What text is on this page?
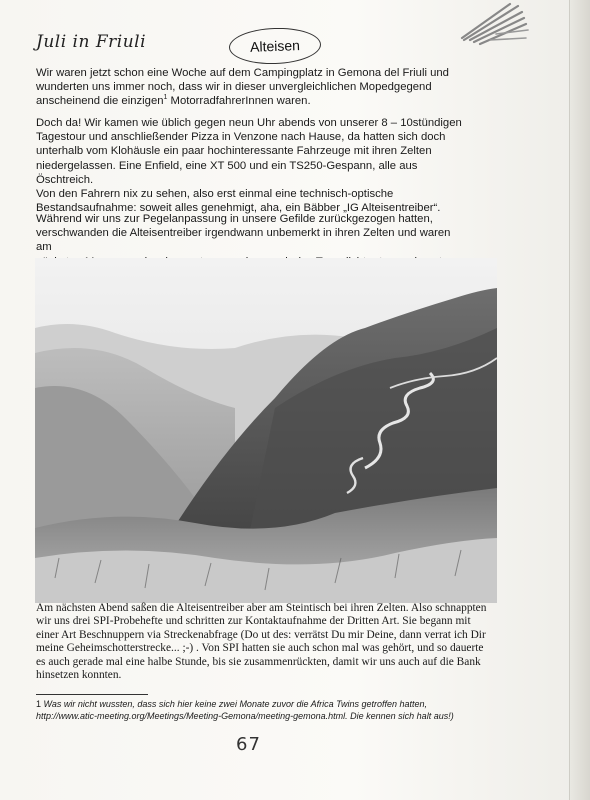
Juli in Friuli	Alteisen

Wir waren jetzt schon eine Woche auf dem Campingplatz in Gemona del Friuli und
wunderten uns immer noch, dass wir in dieser unvergleichlichen Mopedgegend
anscheinend die einzigen$^1$ MotorradfahrerInnen waren.

Doch da! Wir kamen wie üblich gegen neun Uhr abends von unserer 8 – 10stündigen
Tagestour und anschließender Pizza in Venzone nach Hause, da hatten sich doch
unterhalb vom Klohäusle ein paar hochinteressante Fahrzeuge mit ihren Zelten
niedergelassen. Eine Enfield, eine XT 500 und ein TS250-Gespann, alle aus Öschtreich.
Von den Fahrern nix zu sehen, also erst einmal eine technisch-optische
Bestandsaufnahme: soweit alles genehmigt, aha, ein Bäbber „IG Alteisentreiber“.

Während wir uns zur Pegelanpassung in unsere Gefilde zurückgezogen hatten,
verschwanden die Alteisentreiber irgendwann unbemerkt in ihren Zelten und waren am

Am nächsten Abend saßen die Alteisentreiber aber am Steintisch bei ihren Zelten. Also schnappten
wir uns drei SPI-Probehefte und schritten zur Kontaktaufnahme der Dritten Art. Sie begann mit
einer Art Beschnuppern via Streckenabfrage (Do ut des: verrätst Du mir Deine, dann verrat ich Dir
meine Geheimschotterstrecke... ;-) . Von SPI hatten sie auch schon mal was gehört, und so dauerte
es auch gerade mal eine halbe Stunde, bis sie zusammenrückten, damit wir uns auch auf die Bank
hinsetzen konnten.

1 Was wir nicht wussten, dass sich hier keine zwei Monate zuvor die Africa Twins getroffen hatten,
http://www.atic-meeting.org/Meetings/Meeting-Gemona/meeting-gemona.html. Die kennen sich halt aus!)

67
